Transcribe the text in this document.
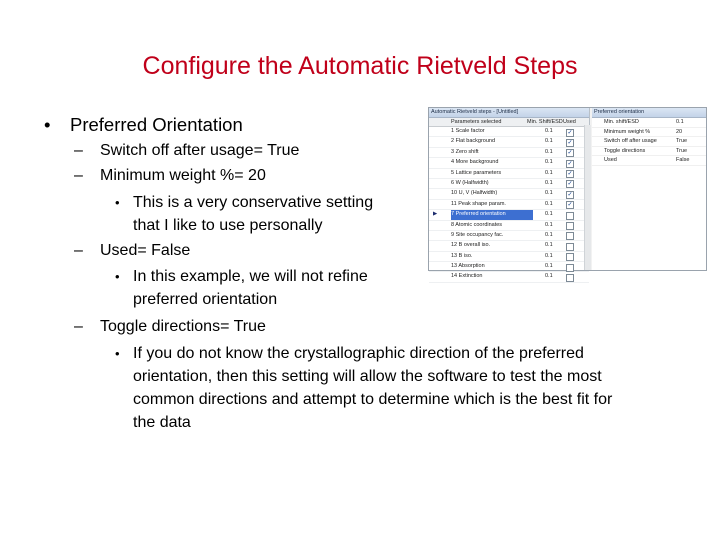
Configure the Automatic Rietveld Steps
• Preferred Orientation
– Switch off after usage= True
– Minimum weight %= 20
• This is a very conservative setting
that I like to use personally
– Used= False
• In this example, we will not refine
preferred orientation
– Toggle directions= True
• If you do not know the crystallographic direction of the preferred
orientation, then this setting will allow the software to test the most
common directions and attempt to determine which is the best fit for
the data
Automatic Rietveld steps - [Untitled]
Parameters selected	Min. Shift/ESD Used
1 Scale factor	0.1 ✓
2 Flat background	0.1 ✓
3 Zero shift	0.1 ✓
4 More background	0.1 ✓
5 Lattice parameters	0.1 ✓
6 W (Halfwidth)	0.1 ✓
10 U, V (Halfwidth)	0.1 ✓
11 Peak shape param.	0.1 ✓
▶	7 Preferred orientation	0.1
8 Atomic coordinates	0.1
9 Site occupancy fac.	0.1
12 B overall iso.	0.1
13 B iso.	0.1
13 Absorption	0.1
14 Extinction	0.1
Preferred orientation
Min. shift/ESD	0.1
Minimum weight %	20
Switch off after usage	True
Toggle directions	True
Used	False
